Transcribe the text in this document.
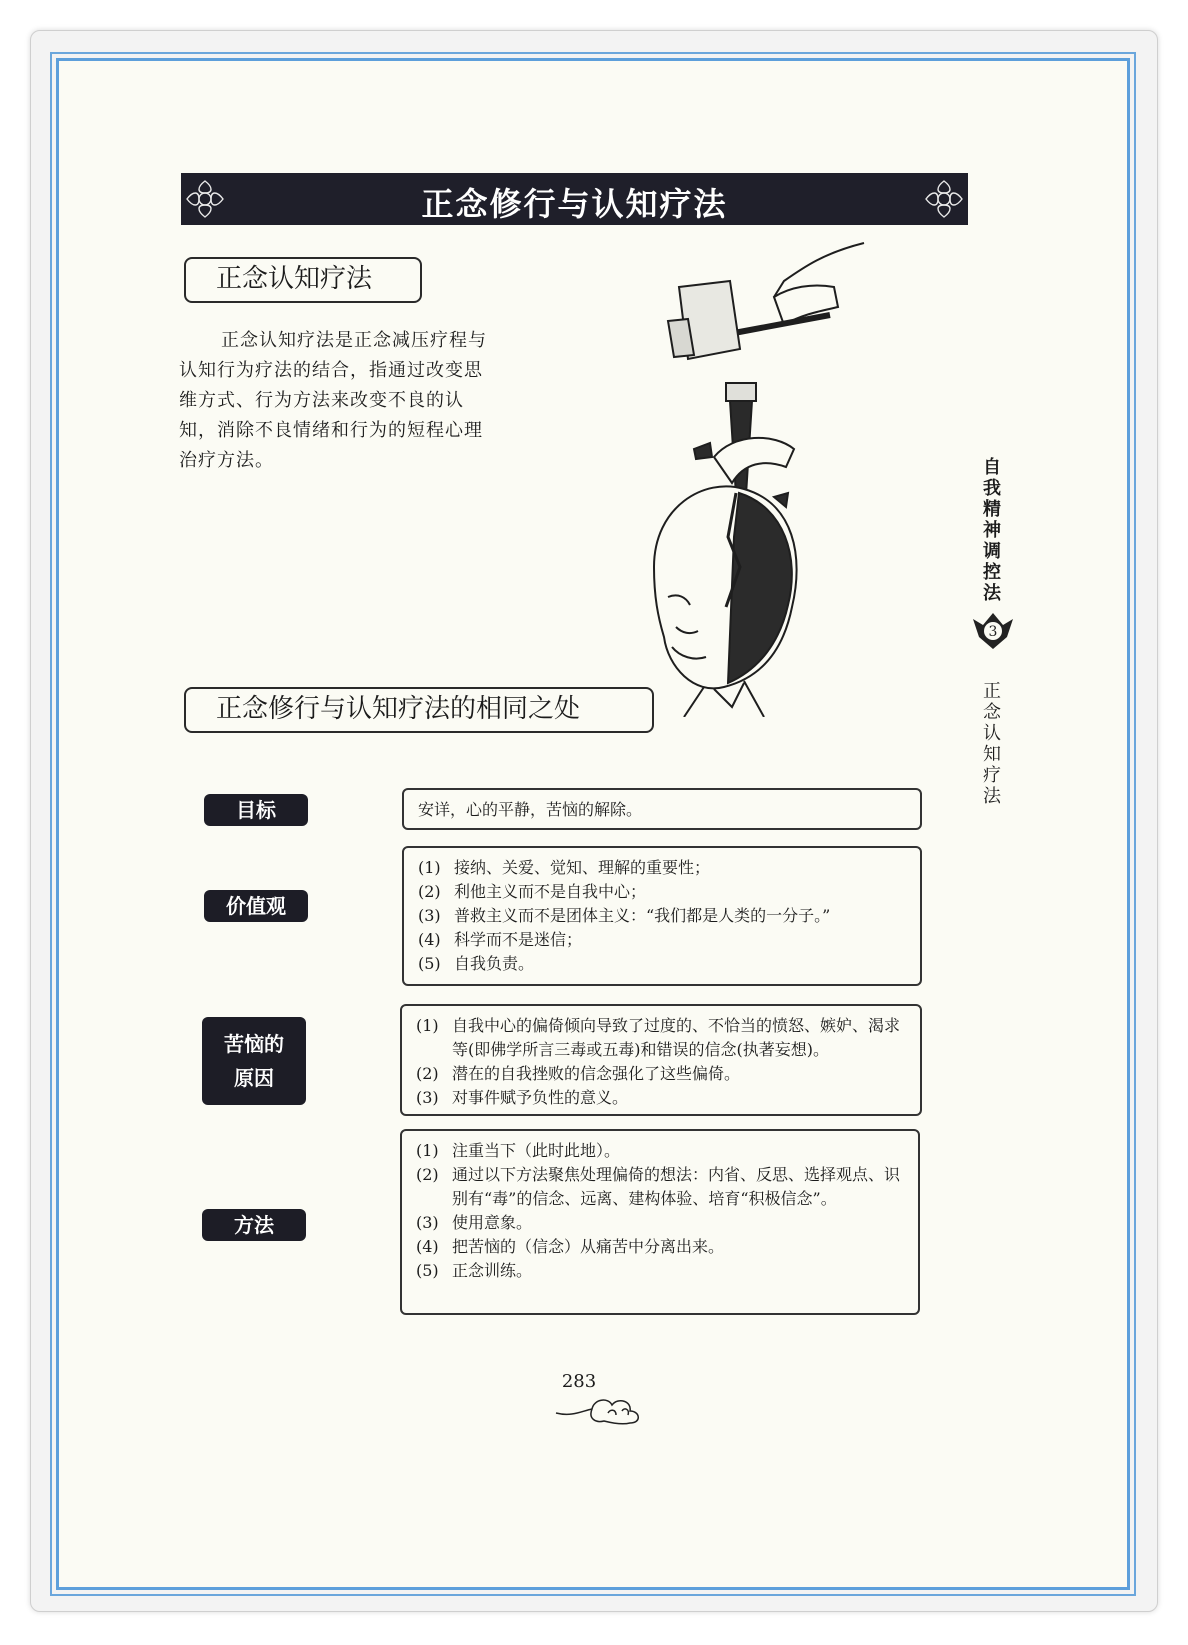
正念修行与认知疗法
正念认知疗法
正念认知疗法是正念减压疗程与认知行为疗法的结合，指通过改变思维方式、行为方法来改变不良的认知，消除不良情绪和行为的短程心理治疗方法。
正念修行与认知疗法的相同之处
目标	安详，心的平静，苦恼的解除。
价值观
(1) 接纳、关爱、觉知、理解的重要性；
(2) 利他主义而不是自我中心；
(3) 普救主义而不是团体主义：“我们都是人类的一分子。”
(4) 科学而不是迷信；
(5) 自我负责。
苦恼的
原因
(1) 自我中心的偏倚倾向导致了过度的、不恰当的愤怒、嫉妒、渴求等(即佛学所言三毒或五毒)和错误的信念(执著妄想)。
(2) 潜在的自我挫败的信念强化了这些偏倚。
(3) 对事件赋予负性的意义。
方法
(1) 注重当下（此时此地）。
(2) 通过以下方法聚焦处理偏倚的想法：内省、反思、选择观点、识别有“毒”的信念、远离、建构体验、培育“积极信念”。
(3) 使用意象。
(4) 把苦恼的（信念）从痛苦中分离出来。
(5) 正念训练。
自我精神调控法
3
正念认知疗法
283
